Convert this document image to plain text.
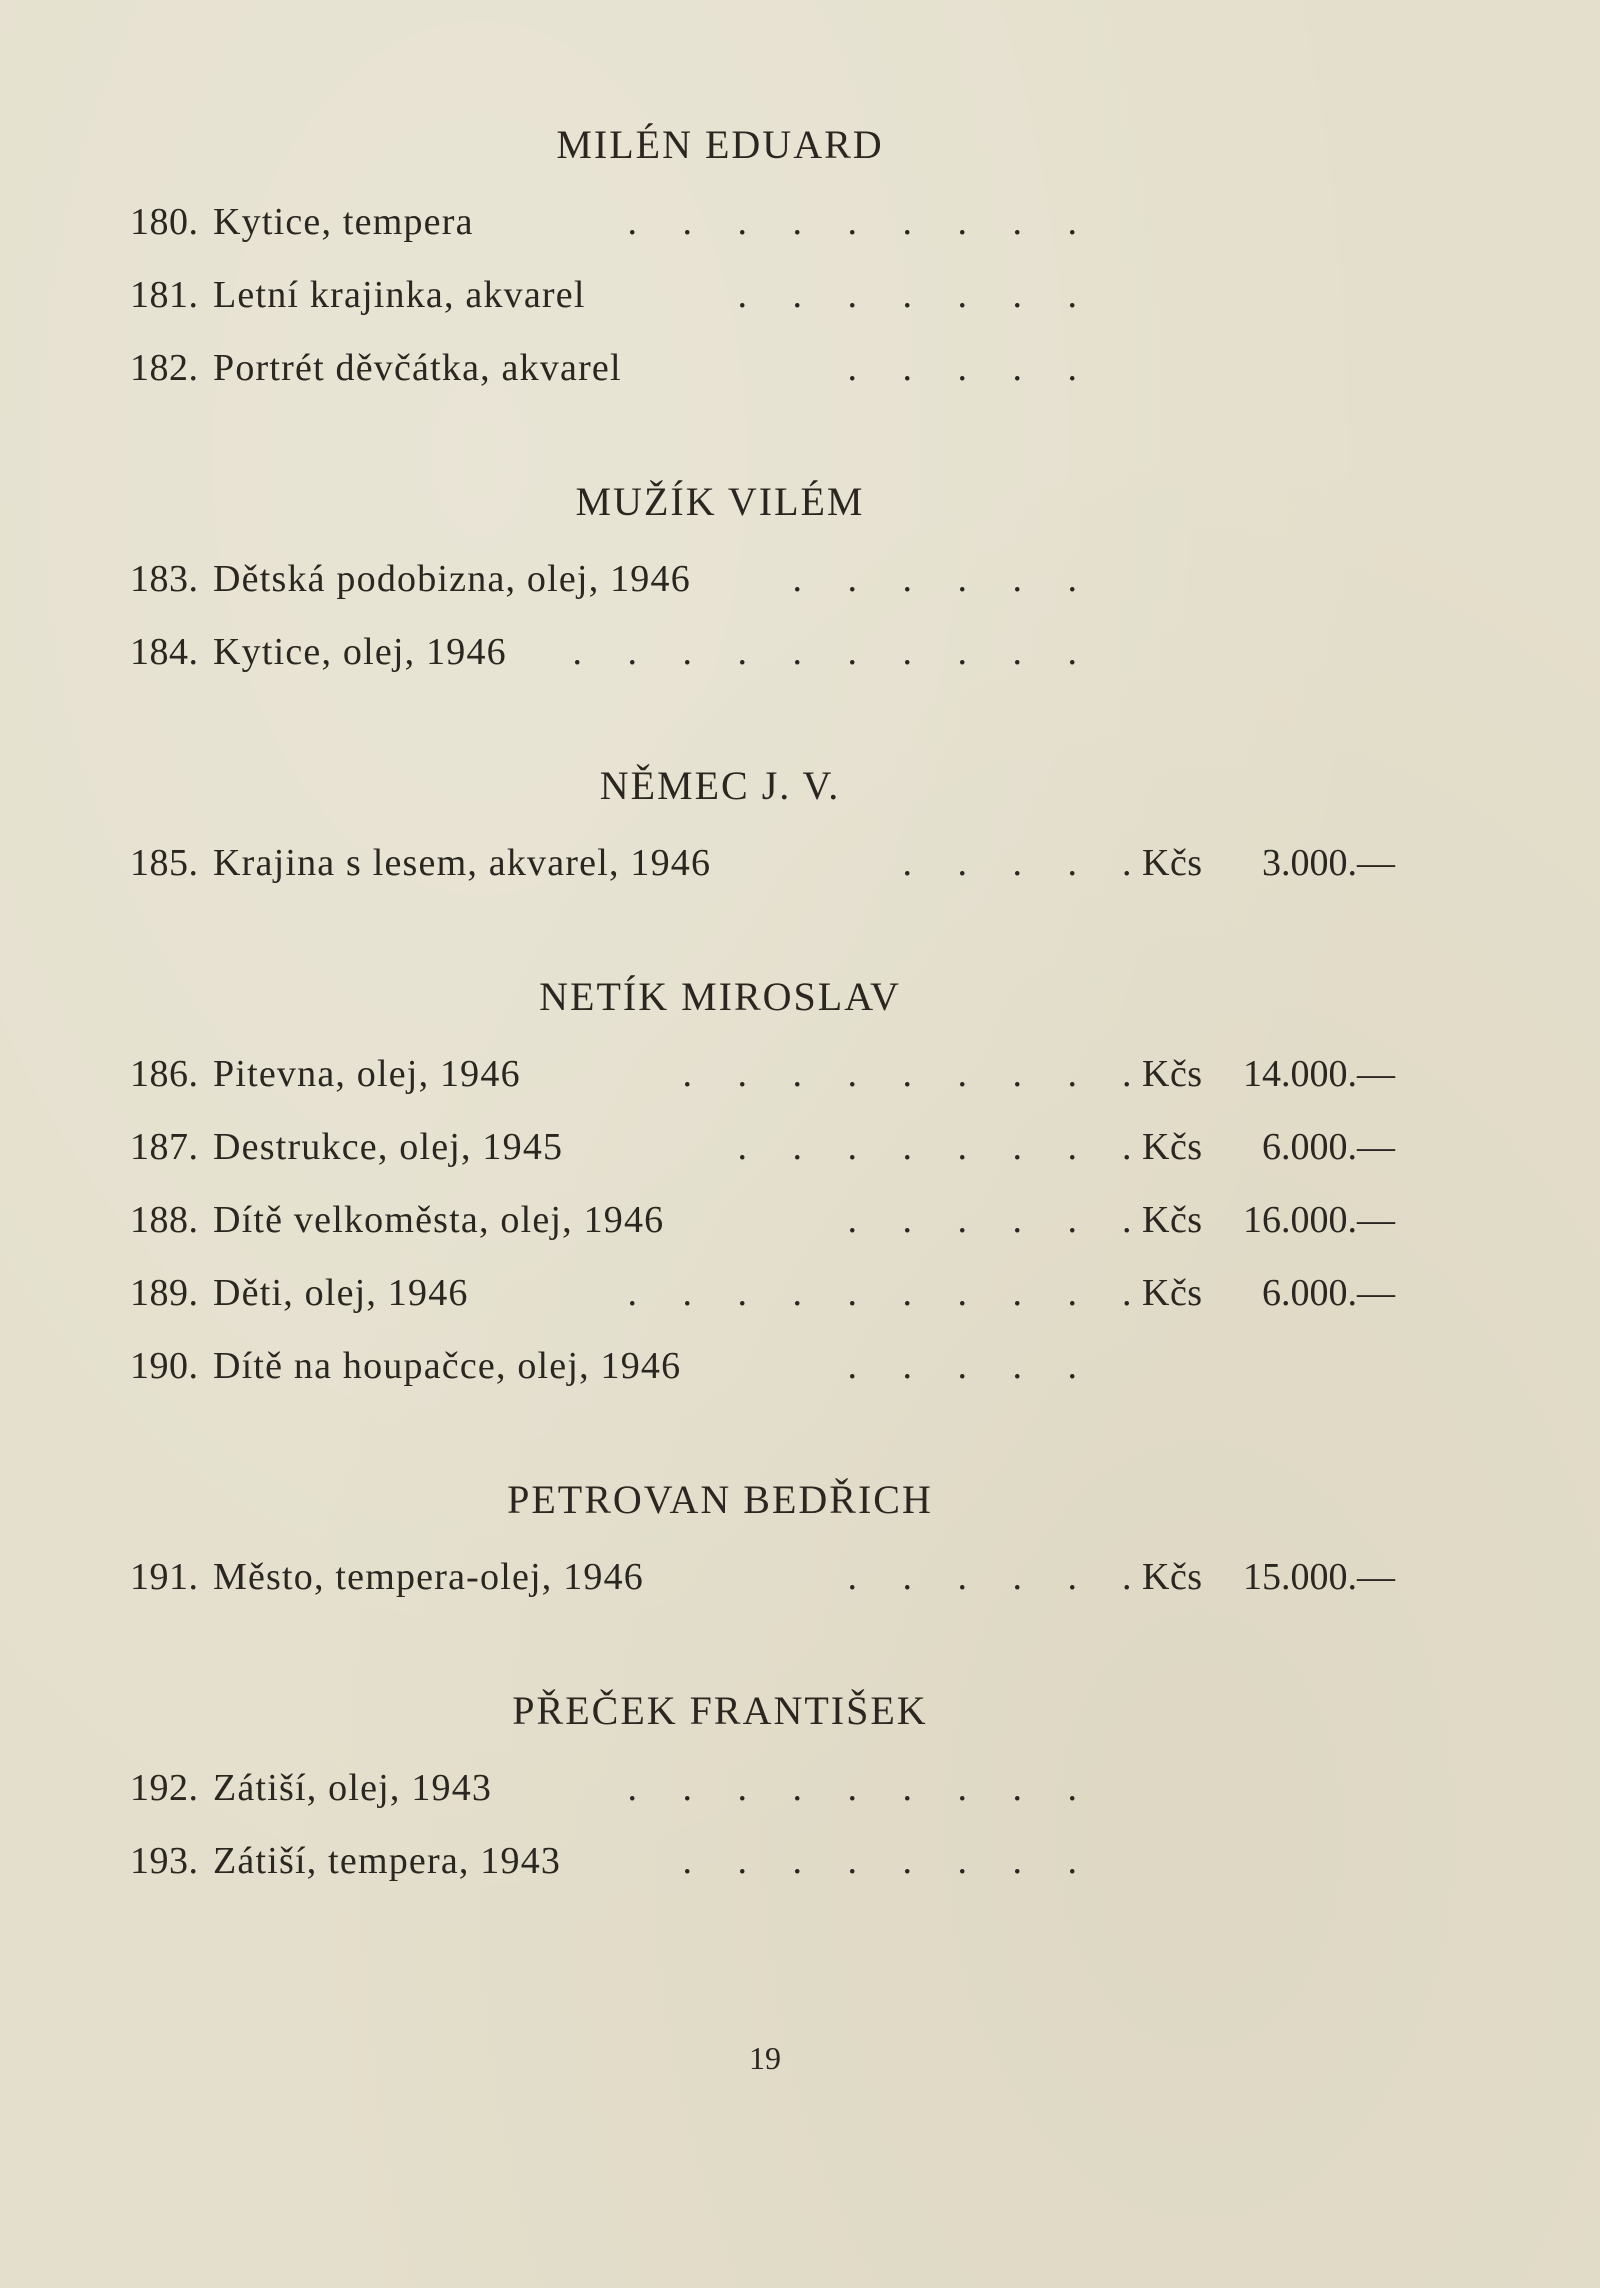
MILÉN EDUARD
180. Kytice, tempera	. . . . . . . . .
181. Letní krajinka, akvarel	. . . . . . .
182. Portrét děvčátka, akvarel	. . . . .
MUŽÍK VILÉM
183. Dětská podobizna, olej, 1946	. . . . . .
184. Kytice, olej, 1946 . . . . . . . . . .
NĚMEC J. V.
185. Krajina s lesem, akvarel, 1946	. . . . . Kčs 3.000.—
NETÍK MIROSLAV
186. Pitevna, olej, 1946	. . . . . . . . . Kčs 14.000.—
187. Destrukce, olej, 1945	. . . . . . . . Kčs 6.000.—
188. Dítě velkoměsta, olej, 1946	. . . . . . Kčs 16.000.—
189. Děti, olej, 1946	. . . . . . . . . . Kčs 6.000.—
190. Dítě na houpačce, olej, 1946	. . . . .
PETROVAN BEDŘICH
191. Město, tempera-olej, 1946	. . . . . . Kčs 15.000.—
PŘEČEK FRANTIŠEK
192. Zátiší, olej, 1943	. . . . . . . . .
193. Zátiší, tempera, 1943	. . . . . . . .
19
